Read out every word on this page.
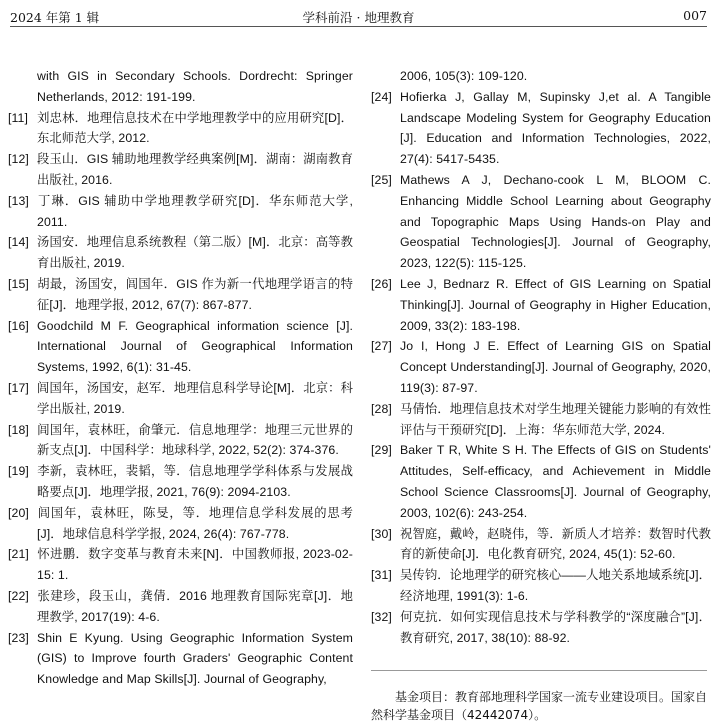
2024 年第 1 辑	学科前沿 · 地理教育	007

with GIS in Secondary Schools. Dordrecht: Springer Netherlands, 2012: 191-199.

[11] 刘忠林．地理信息技术在中学地理教学中的应用研究[D]．东北师范大学, 2012.

[12] 段玉山．GIS 辅助地理教学经典案例[M]．湖南：湖南教育出版社, 2016.

[13] 丁琳．GIS 辅助中学地理教学研究[D]．华东师范大学, 2011.

[14] 汤国安．地理信息系统教程（第二版）[M]．北京：高等教育出版社, 2019.

[15] 胡最，汤国安，闾国年．GIS 作为新一代地理学语言的特征[J]．地理学报, 2012, 67(7): 867-877.

[16] Goodchild M F. Geographical information science [J]. International Journal of Geographical Information Systems, 1992, 6(1): 31-45.

[17] 闾国年，汤国安，赵军．地理信息科学导论[M]．北京：科学出版社, 2019.

[18] 闾国年，袁林旺，俞肇元．信息地理学：地理三元世界的新支点[J]．中国科学：地球科学, 2022, 52(2): 374-376.

[19] 李新，袁林旺，裴韬，等．信息地理学学科体系与发展战略要点[J]．地理学报, 2021, 76(9): 2094-2103.

[20] 闾国年，袁林旺，陈旻，等．地理信息学科发展的思考[J]．地球信息科学学报, 2024, 26(4): 767-778.

[21] 怀进鹏．数字变革与教育未来[N]．中国教师报, 2023-02-15: 1.

[22] 张建珍，段玉山，龚倩．2016 地理教育国际宪章[J]．地理教学, 2017(19): 4-6.

[23] Shin E Kyung. Using Geographic Information System (GIS) to Improve fourth Graders' Geographic Content Knowledge and Map Skills[J]. Journal of Geography,

2006, 105(3): 109-120.

[24] Hofierka J, Gallay M, Supinsky J,et al. A Tangible Landscape Modeling System for Geography Education [J]. Education and Information Technologies, 2022, 27(4): 5417-5435.

[25] Mathews A J, Dechano-cook L M, BLOOM C. Enhancing Middle School Learning about Geography and Topographic Maps Using Hands-on Play and Geospatial Technologies[J]. Journal of Geography, 2023, 122(5): 115-125.

[26] Lee J, Bednarz R. Effect of GIS Learning on Spatial Thinking[J]. Journal of Geography in Higher Education, 2009, 33(2): 183-198.

[27] Jo I, Hong J E. Effect of Learning GIS on Spatial Concept Understanding[J]. Journal of Geography, 2020, 119(3): 87-97.

[28] 马倩怡．地理信息技术对学生地理关键能力影响的有效性评估与干预研究[D]．上海：华东师范大学, 2024.

[29] Baker T R, White S H. The Effects of GIS on Students' Attitudes, Self-efficacy, and Achievement in Middle School Science Classrooms[J]. Journal of Geography, 2003, 102(6): 243-254.

[30] 祝智庭，戴岭，赵晓伟，等．新质人才培养：数智时代教育的新使命[J]．电化教育研究, 2024, 45(1): 52-60.

[31] 吴传钧．论地理学的研究核心——人地关系地域系统[J]．经济地理, 1991(3): 1-6.

[32] 何克抗．如何实现信息技术与学科教学的“深度融合”[J]．教育研究, 2017, 38(10): 88-92.

基金项目：教育部地理科学国家一流专业建设项目。国家自然科学基金项目（42442074）。
